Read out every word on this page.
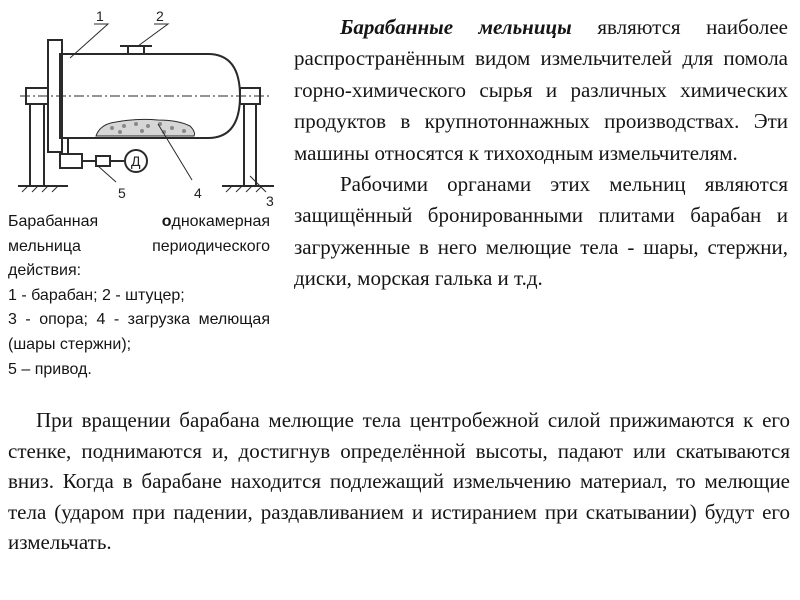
1	2
3
4
5
Д

Барабанная однокамерная мельница периодического действия:

1 - барабан; 2 - штуцер;

3 - опора; 4 - загрузка мелющая (шары стержни);

5 – привод.

Барабанные мельницы являются наиболее распространённым видом измельчителей для помола горно-химического сырья и различных химических продуктов в крупнотоннажных производствах. Эти машины относятся к тихоходным измельчителям.

Рабочими органами этих мельниц являются защищённый бронированными плитами барабан и загруженные в него мелющие тела - шары, стержни, диски, морская галька и т.д.

При вращении барабана мелющие тела центробежной силой прижимаются к его стенке, поднимаются и, достигнув определённой высоты, падают или скатываются вниз. Когда в барабане находится подлежащий измельчению материал, то мелющие тела (ударом при падении, раздавливанием и истиранием при скатывании) будут его измельчать.
